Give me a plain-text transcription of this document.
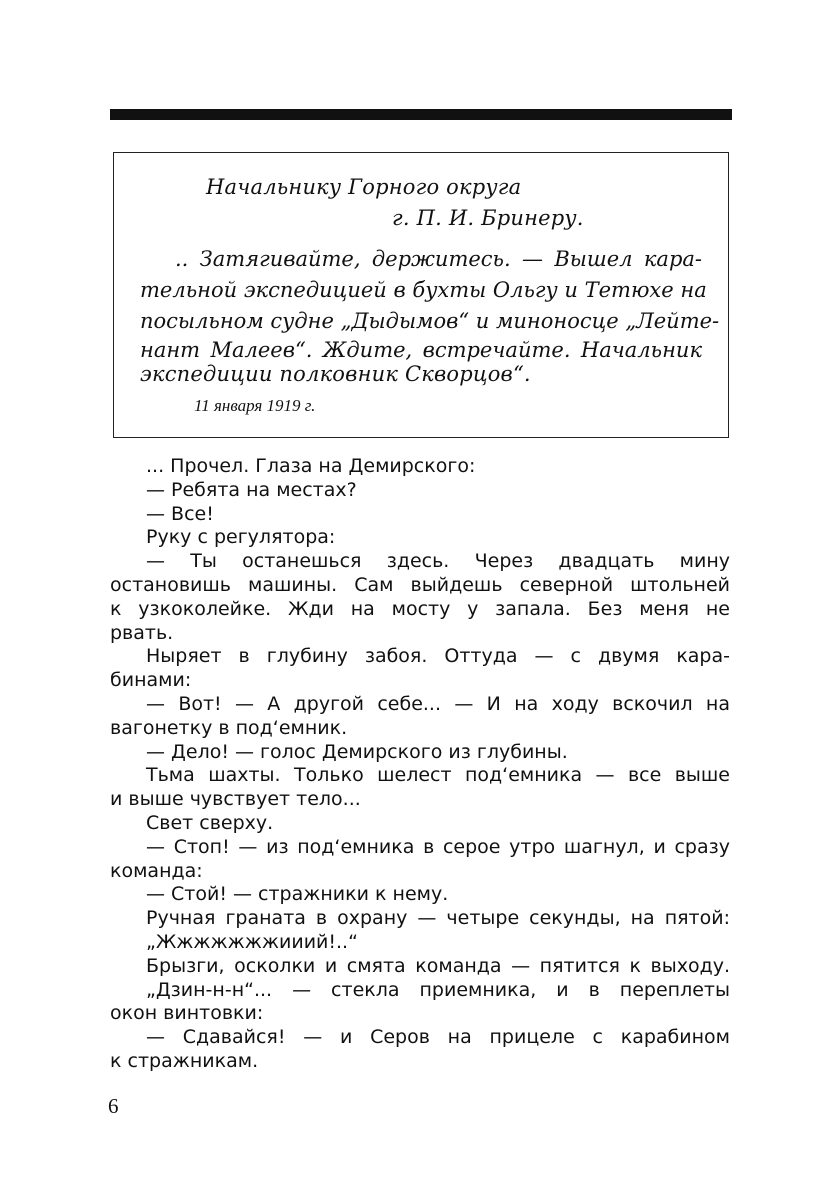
Начальнику Горного округа
г. П. И. Бринеру.
.. Затягивайте, держитесь. — Вышел кара-
тельной экспедицией в бухты Ольгу и Тетюхе на
посыльном судне „Дыдымов“ и миноносце „Лейте-
нант Малеев“. Ждите, встречайте. Начальник
экспедиции полковник Скворцов“.
11 января 1919 г.
... Прочел. Глаза на Демирского:
— Ребята на местах?
— Все!
Руку с регулятора:
— Ты останешься здесь. Через двадцать мину
остановишь машины. Сам выйдешь северной штольней
к узкоколейке. Жди на мосту у запала. Без меня не
рвать.
Ныряет в глубину забоя. Оттуда — с двумя кара-
бинами:
— Вот! — А другой себе... — И на ходу вскочил на
вагонетку в под‘емник.
— Дело! — голос Демирского из глубины.
Тьма шахты. Только шелест под‘емника — все выше
и выше чувствует тело...
Свет сверху.
— Стоп! — из под‘емника в серое утро шагнул, и сразу
команда:
— Стой! — стражники к нему.
Ручная граната в охрану — четыре секунды, на пятой:
„Жжжжжжжииий!..“
Брызги, осколки и смята команда — пятится к выходу.
„Дзин-н-н“... — стекла приемника, и в переплеты
окон винтовки:
— Сдавайся! — и Серов на прицеле с карабином
к стражникам.
6
